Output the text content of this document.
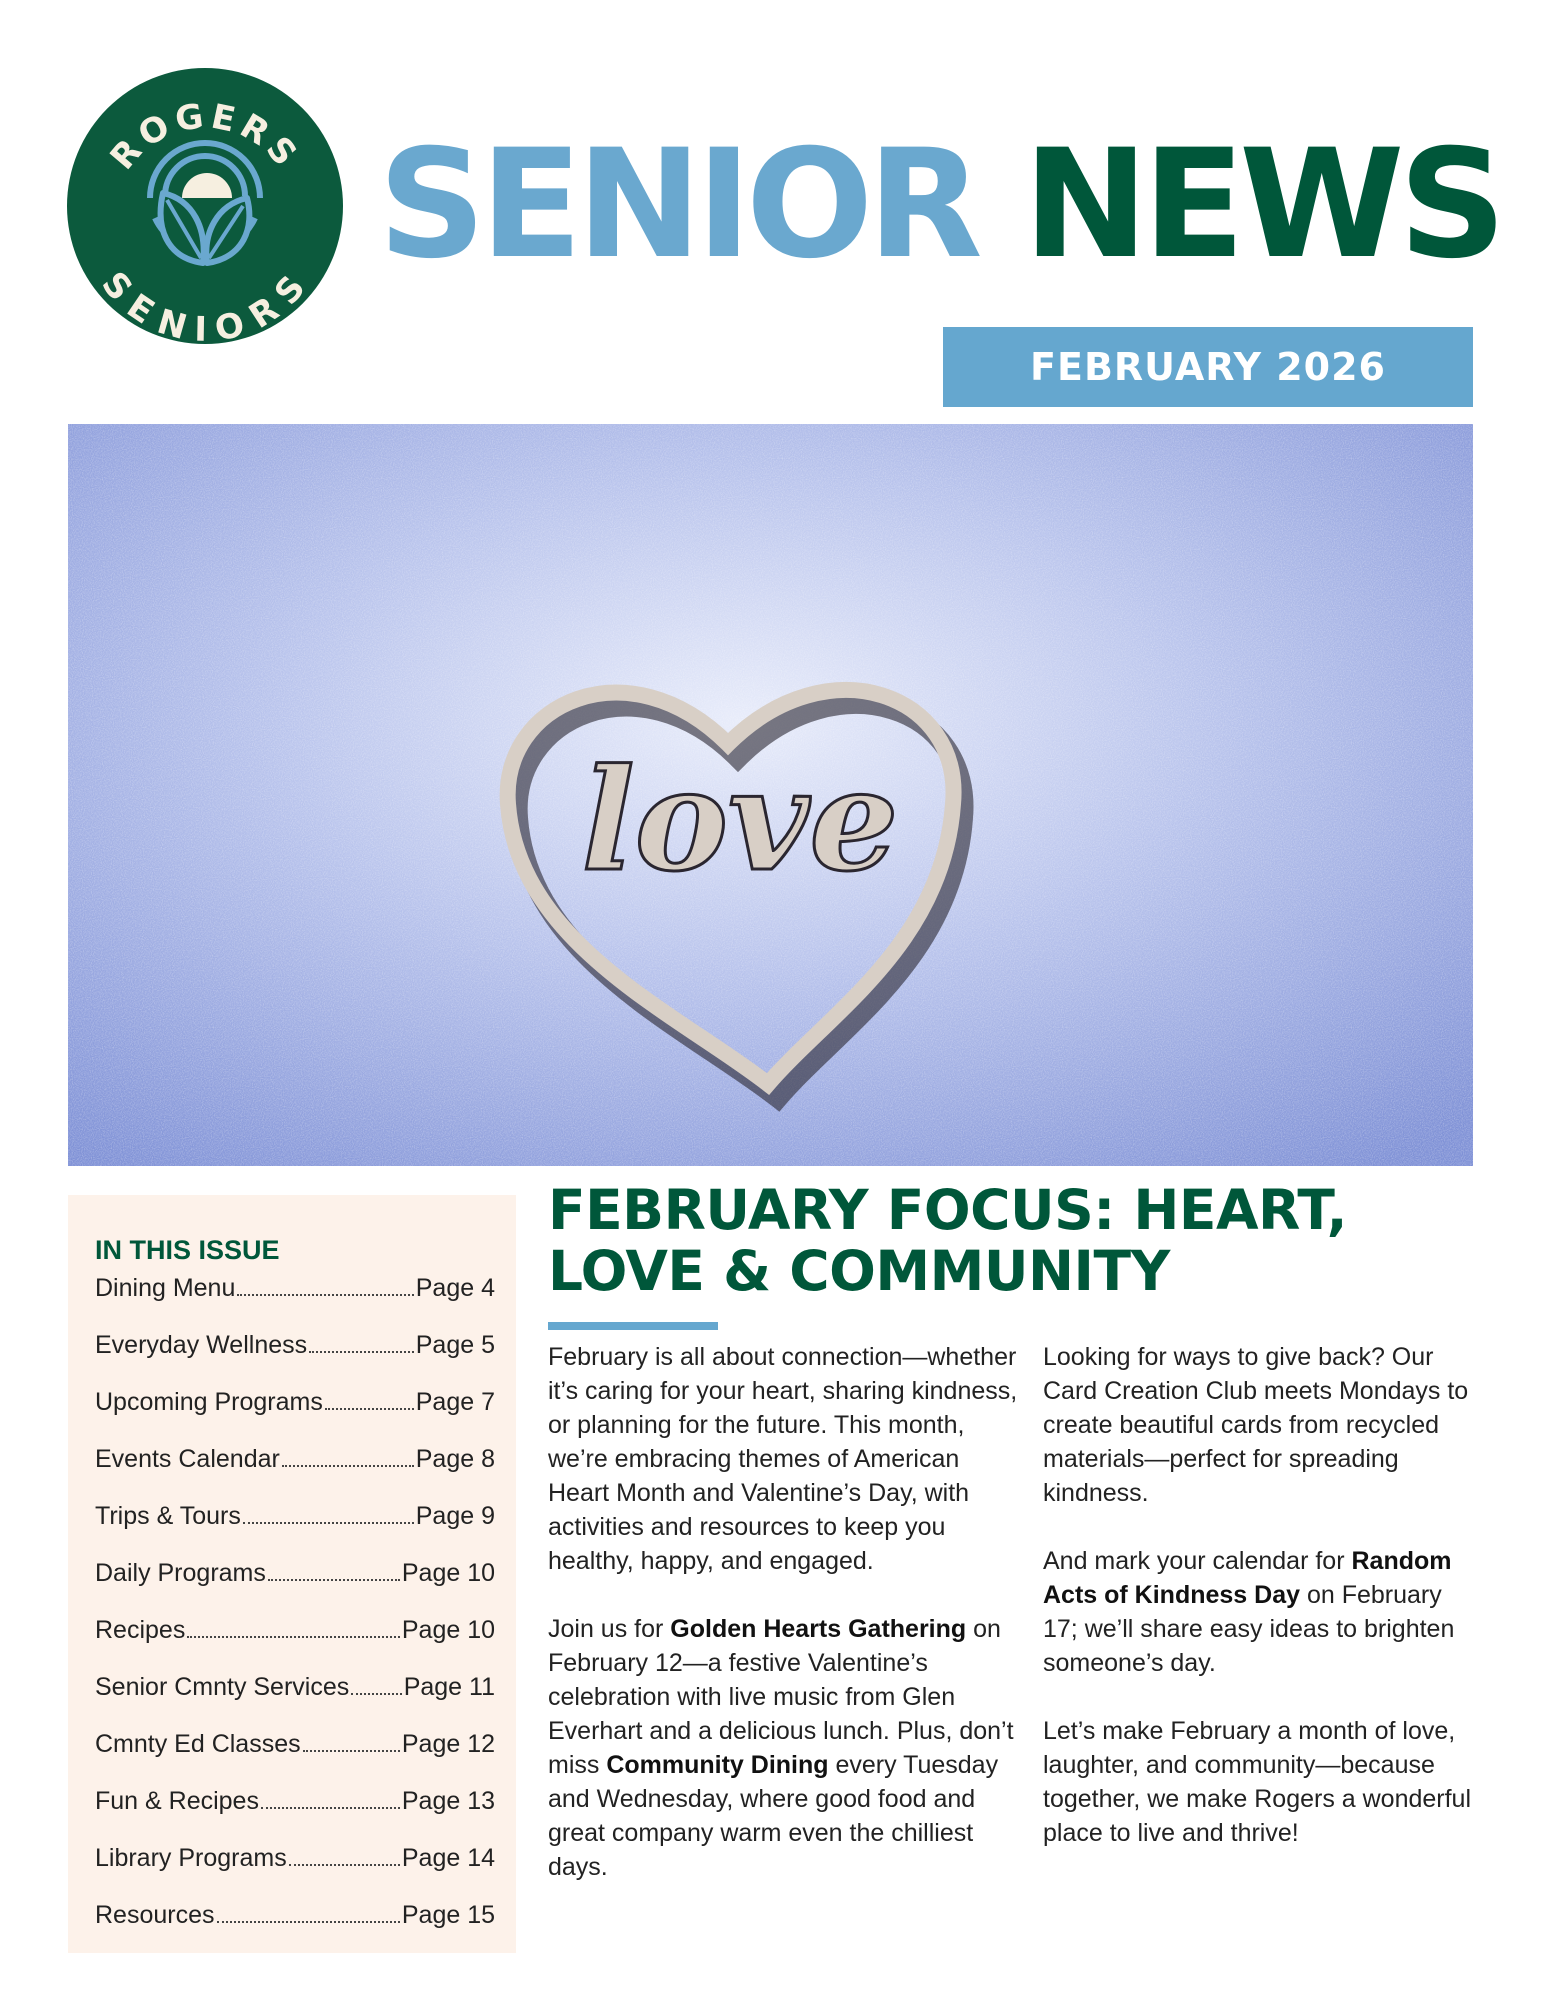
ROGERS
SENIORS SENIOR NEWS
FEBRUARY 2026
love
IN THIS ISSUE
Dining Menu	Page 4
Everyday Wellness	Page 5
Upcoming Programs	Page 7
Events Calendar	Page 8
Trips & Tours	Page 9
Daily Programs	Page 10
Recipes	Page 10
Senior Cmnty Services Page 11
Cmnty Ed Classes	Page 12
Fun & Recipes	Page 13
Library Programs	Page 14
Resources	Page 15
FEBRUARY FOCUS: HEART,
LOVE & COMMUNITY

February is all about connection—whether it’s caring for your heart, sharing kindness, or planning for the future. This month, we’re embracing themes of American Heart Month and Valentine’s Day, with activities and resources to keep you healthy, happy, and engaged.

Join us for Golden Hearts Gathering on February 12—a festive Valentine’s celebration with live music from Glen Everhart and a delicious lunch. Plus, don’t miss Community Dining every Tuesday and Wednesday, where good food and great company warm even the chilliest days.

Looking for ways to give back? Our Card Creation Club meets Mondays to create beautiful cards from recycled materials—perfect for spreading kindness.

And mark your calendar for Random Acts of Kindness Day on February 17; we’ll share easy ideas to brighten someone’s day.

Let’s make February a month of love, laughter, and community—because together, we make Rogers a wonderful place to live and thrive!
